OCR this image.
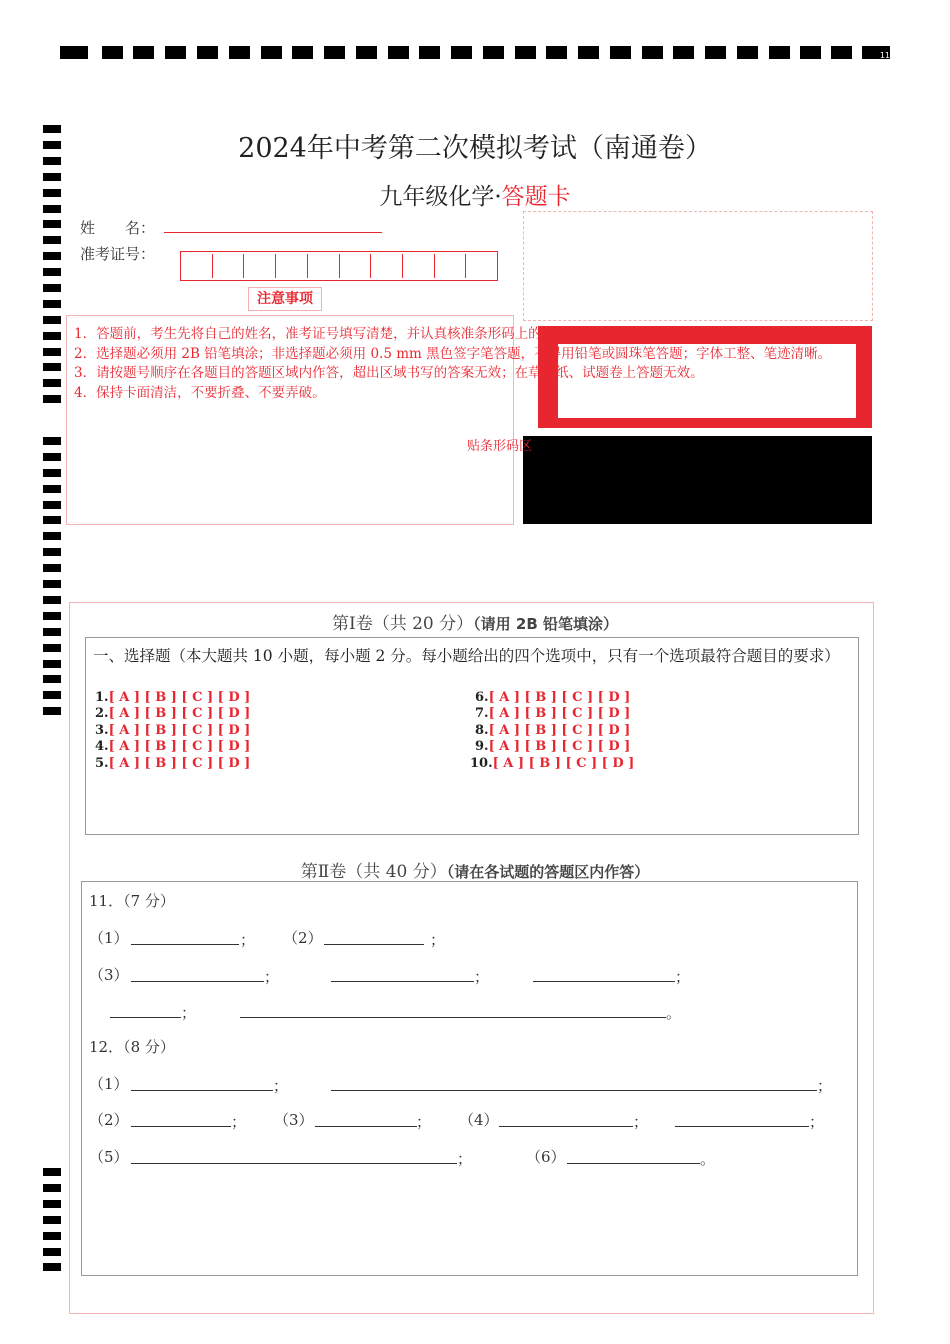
11
2024年中考第二次模拟考试（南通卷）
九年级化学·答题卡
姓　　名：
准考证号：
注意事项
贴条形码区
1．答题前，考生先将自己的姓名，准考证号填写清楚，并认真核准条形码上的姓名、准考证号，在规定位置贴好条形码。
2．选择题必须用 2B 铅笔填涂；非选择题必须用 0.5 mm 黑色签字笔答题，不得用铅笔或圆珠笔答题；字体工整、笔迹清晰。
3．请按题号顺序在各题目的答题区域内作答，超出区域书写的答案无效；在草稿纸、试题卷上答题无效。
4．保持卡面清洁，不要折叠、不要弄破。
第Ⅰ卷（共 20 分）（请用 2B 铅笔填涂）
一、选择题（本大题共 10 小题，每小题 2 分。每小题给出的四个选项中，只有一个选项最符合题目的要求）
1.[ A ] [ B ] [ C ] [ D ]
2.[ A ] [ B ] [ C ] [ D ]
3.[ A ] [ B ] [ C ] [ D ]
4.[ A ] [ B ] [ C ] [ D ]
5.[ A ] [ B ] [ C ] [ D ]
6.[ A ] [ B ] [ C ] [ D ]
7.[ A ] [ B ] [ C ] [ D ]
8.[ A ] [ B ] [ C ] [ D ]
9.[ A ] [ B ] [ C ] [ D ]
10.[ A ] [ B ] [ C ] [ D ]
第Ⅱ卷（共 40 分）（请在各试题的答题区内作答）
11．（7 分）
（1）	； （2）	；
（3）	；	；	；
；	。
12．（8 分）
（1）	；	；
（2）	； （3）	； （4）	；	；
（5）	；	（6）	。
